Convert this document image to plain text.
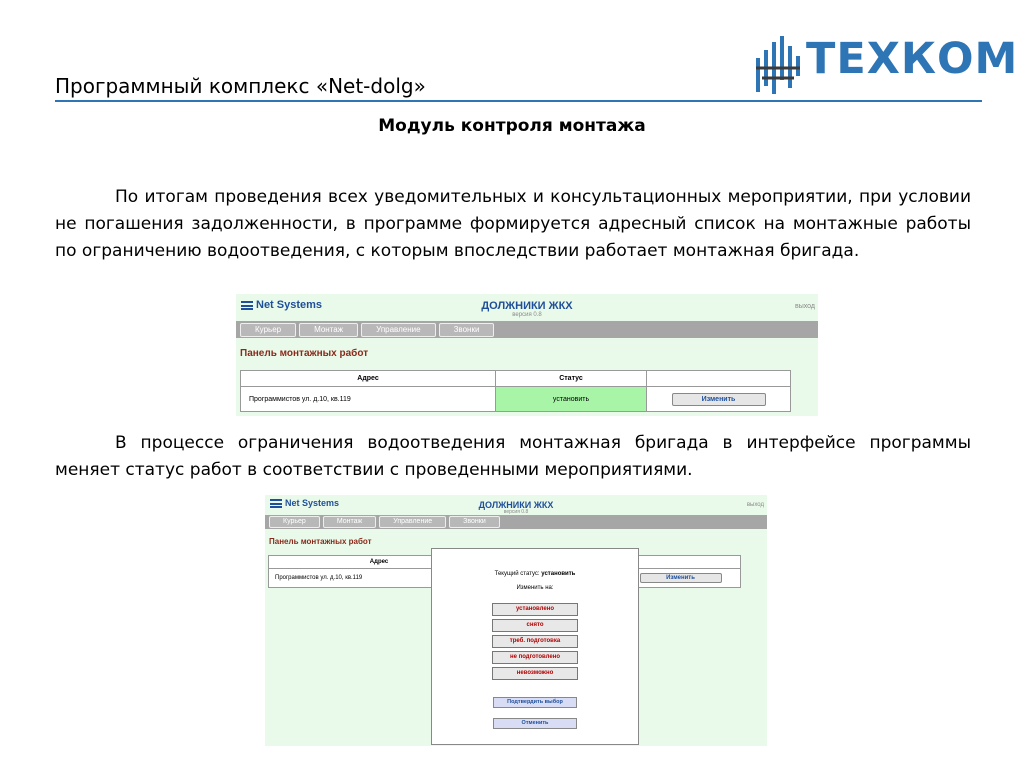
Программный комплекс «Net-dolg»
ТЕХКОМ
Модуль контроля монтажа

По итогам проведения всех уведомительных и консультационных мероприятии, при условии не погашения задолженности, в программе формируется адресный список на монтажные работы по ограничению водоотведения, с которым впоследствии работает монтажная бригада.

Net Systems	ДОЛЖНИКИ ЖКХ
версия 0.8
выход
Курьер	Монтаж	Управление	Звонки
Панель монтажных работ
Адрес	Статус	
Программистов ул. д.10, кв.119	установить	Изменить

В процессе ограничения водоотведения монтажная бригада в интерфейсе программы меняет статус работ в соответствии с проведенными мероприятиями.

Net Systems	ДОЛЖНИКИ ЖКХ
версия 0.8
выход
Курьер	Монтаж	Управление	Звонки
Панель монтажных работ
Адрес		
Программистов ул. д.10, кв.119		Изменить
Текущий статус: установить
Изменить на:
установлено
снято
треб. подготовка
не подготовлено
невозможно
Подтвердить выбор
Отменить
